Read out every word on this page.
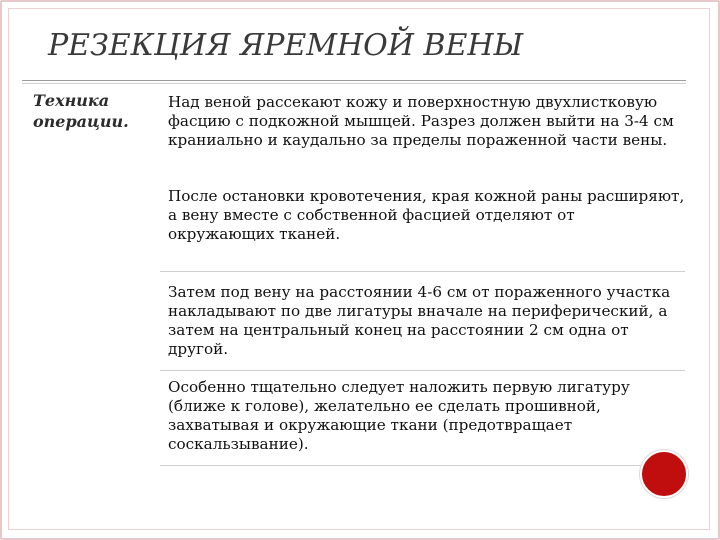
РЕЗЕКЦИЯ ЯРЕМНОЙ ВЕНЫ

Техника операции.

Над веной рассекают кожу и поверхностную двухлистковую фасцию с подкожной мышцей. Разрез должен выйти на 3-4 см краниально и каудально за пределы пораженной части вены.
После остановки кровотечения, края кожной раны расширяют, а вену вместе с собственной фасцией отделяют от окружающих тканей.
Затем под вену на расстоянии 4-6 см от пораженного участка накладывают по две лигатуры вначале на периферический, а затем на центральный конец на расстоянии 2 см одна от другой.
Особенно тщательно следует наложить первую лигатуру (ближе к голове), желательно ее сделать прошивной, захватывая и окружающие ткани (предотвращает соскальзывание).
